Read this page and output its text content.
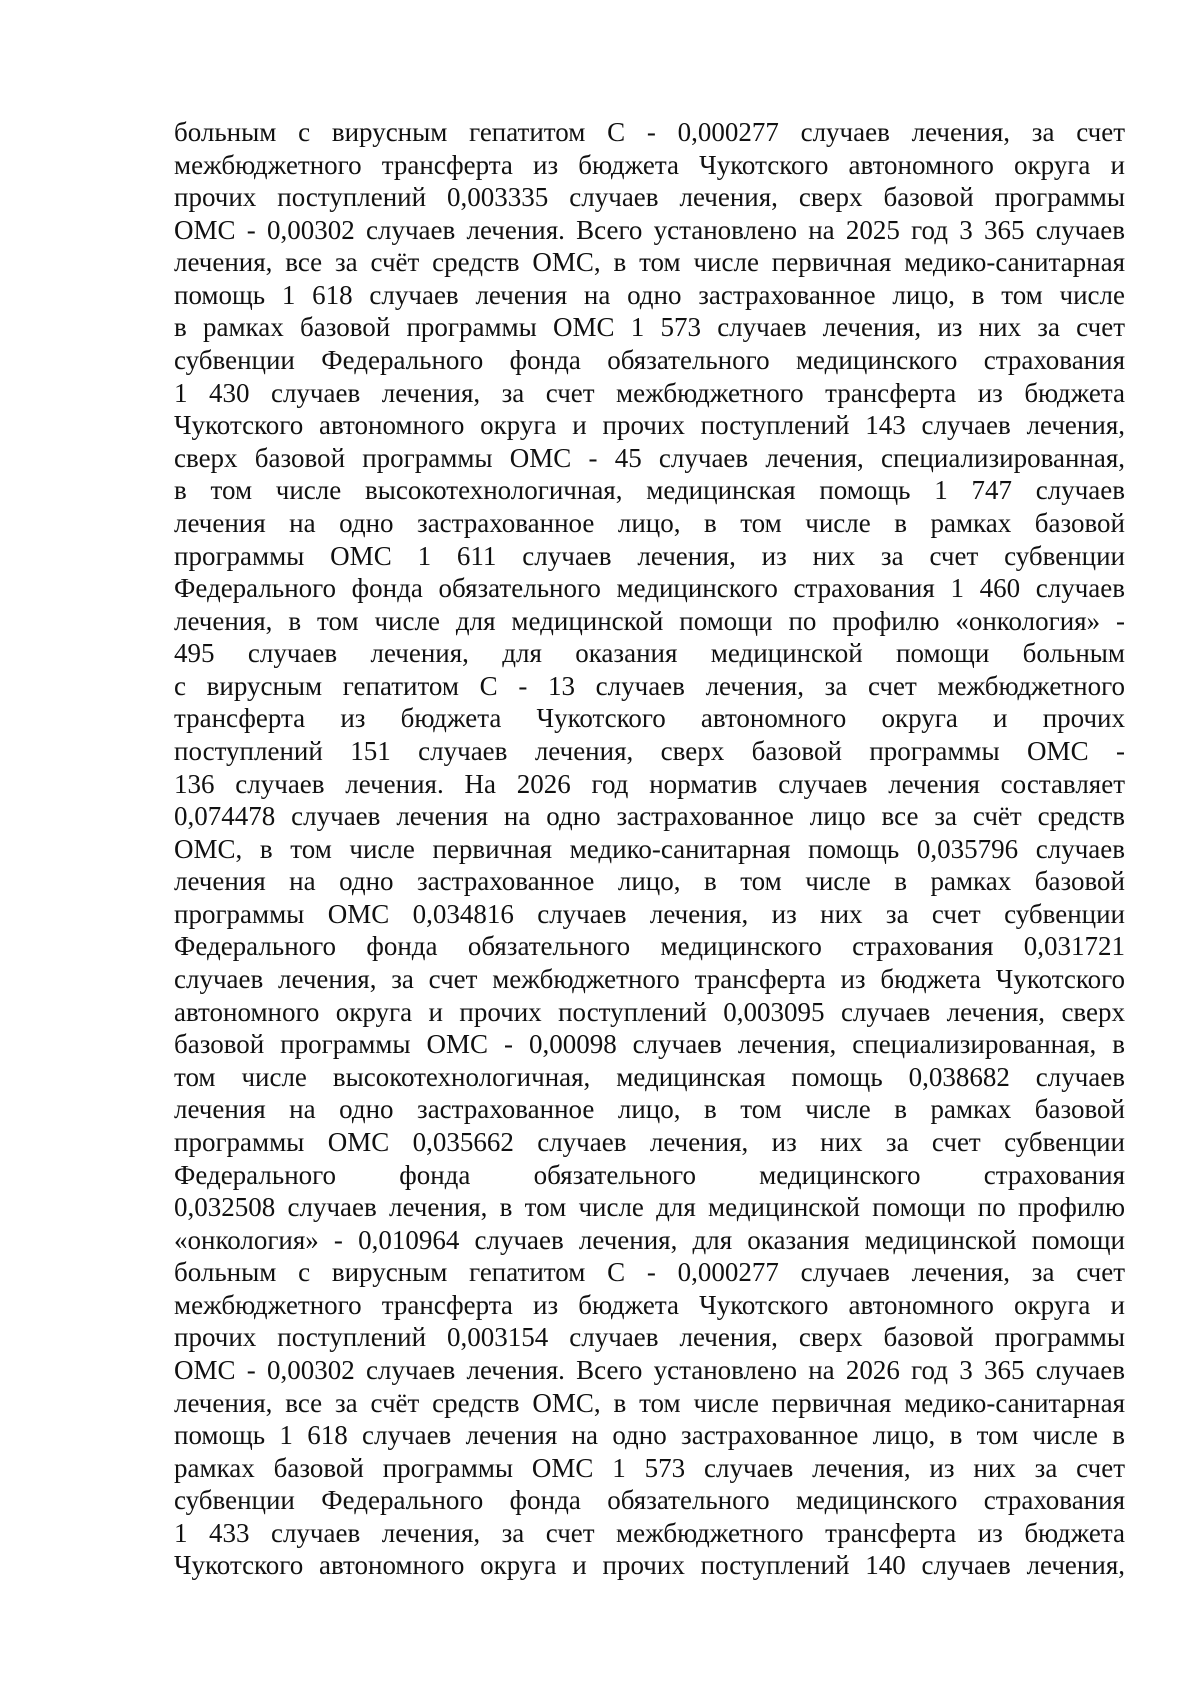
больным с вирусным гепатитом С - 0,000277 случаев лечения, за счет
межбюджетного трансферта из бюджета Чукотского автономного округа и
прочих поступлений 0,003335 случаев лечения, сверх базовой программы
ОМС - 0,00302 случаев лечения. Всего установлено на 2025 год 3 365 случаев
лечения, все за счёт средств ОМС, в том числе первичная медико-санитарная
помощь 1 618 случаев лечения на одно застрахованное лицо, в том числе
в рамках базовой программы ОМС 1 573 случаев лечения, из них за счет
субвенции Федерального фонда обязательного медицинского страхования
1 430 случаев лечения, за счет межбюджетного трансферта из бюджета
Чукотского автономного округа и прочих поступлений 143 случаев лечения,
сверх базовой программы ОМС - 45 случаев лечения, специализированная,
в том числе высокотехнологичная, медицинская помощь 1 747 случаев
лечения на одно застрахованное лицо, в том числе в рамках базовой
программы ОМС 1 611 случаев лечения, из них за счет субвенции
Федерального фонда обязательного медицинского страхования 1 460 случаев
лечения, в том числе для медицинской помощи по профилю «онкология» -
495 случаев лечения, для оказания медицинской помощи больным
с вирусным гепатитом С - 13 случаев лечения, за счет межбюджетного
трансферта из бюджета Чукотского автономного округа и прочих
поступлений 151 случаев лечения, сверх базовой программы ОМС -
136 случаев лечения. На 2026 год норматив случаев лечения составляет
0,074478 случаев лечения на одно застрахованное лицо все за счёт средств
ОМС, в том числе первичная медико-санитарная помощь 0,035796 случаев
лечения на одно застрахованное лицо, в том числе в рамках базовой
программы ОМС 0,034816 случаев лечения, из них за счет субвенции
Федерального фонда обязательного медицинского страхования 0,031721
случаев лечения, за счет межбюджетного трансферта из бюджета Чукотского
автономного округа и прочих поступлений 0,003095 случаев лечения, сверх
базовой программы ОМС - 0,00098 случаев лечения, специализированная, в
том числе высокотехнологичная, медицинская помощь 0,038682 случаев
лечения на одно застрахованное лицо, в том числе в рамках базовой
программы ОМС 0,035662 случаев лечения, из них за счет субвенции
Федерального фонда обязательного медицинского страхования
0,032508 случаев лечения, в том числе для медицинской помощи по профилю
«онкология» - 0,010964 случаев лечения, для оказания медицинской помощи
больным с вирусным гепатитом С - 0,000277 случаев лечения, за счет
межбюджетного трансферта из бюджета Чукотского автономного округа и
прочих поступлений 0,003154 случаев лечения, сверх базовой программы
ОМС - 0,00302 случаев лечения. Всего установлено на 2026 год 3 365 случаев
лечения, все за счёт средств ОМС, в том числе первичная медико-санитарная
помощь 1 618 случаев лечения на одно застрахованное лицо, в том числе в
рамках базовой программы ОМС 1 573 случаев лечения, из них за счет
субвенции Федерального фонда обязательного медицинского страхования
1 433 случаев лечения, за счет межбюджетного трансферта из бюджета
Чукотского автономного округа и прочих поступлений 140 случаев лечения,
